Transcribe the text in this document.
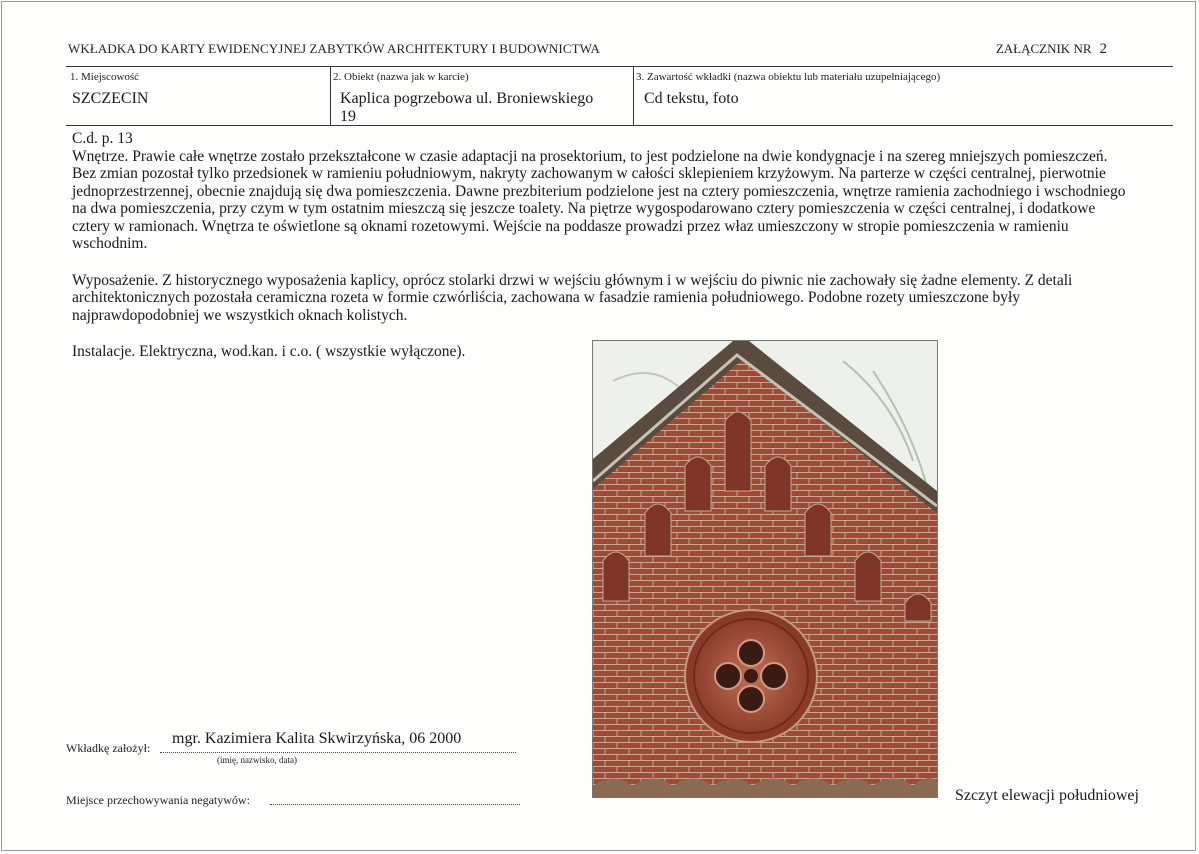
WKŁADKA DO KARTY EWIDENCYJNEJ ZABYTKÓW ARCHITEKTURY I BUDOWNICTWA	ZAŁĄCZNIK NR 2
1. Miejscowość
SZCZECIN
2. Obiekt (nazwa jak w karcie)
Kaplica pogrzebowa ul. Broniewskiego
19
3. Zawartość wkładki (nazwa obiektu lub materiału uzupełniającego)
Cd tekstu, foto

C.d. p. 13

Wnętrze. Prawie całe wnętrze zostało przekształcone w czasie adaptacji na prosektorium, to jest podzielone na dwie kondygnacje i na szereg mniejszych pomieszczeń. Bez zmian pozostał tylko przedsionek w ramieniu południowym, nakryty zachowanym w całości sklepieniem krzyżowym. Na parterze w części centralnej, pierwotnie jednoprzestrzennej, obecnie znajdują się dwa pomieszczenia. Dawne prezbiterium podzielone jest na cztery pomieszczenia, wnętrze ramienia zachodniego i wschodniego na dwa pomieszczenia, przy czym w tym ostatnim mieszczą się jeszcze toalety. Na piętrze wygospodarowano cztery pomieszczenia w części centralnej, i dodatkowe cztery w ramionach. Wnętrza te oświetlone są oknami rozetowymi. Wejście na poddasze prowadzi przez właz umieszczony w stropie pomieszczenia w ramieniu wschodnim.

Wyposażenie. Z historycznego wyposażenia kaplicy, oprócz stolarki drzwi w wejściu głównym i w wejściu do piwnic nie zachowały się żadne elementy. Z detali architektonicznych pozostała ceramiczna rozeta w formie czwórliścia, zachowana w fasadzie ramienia południowego. Podobne rozety umieszczone były najprawdopodobniej we wszystkich oknach kolistych.

Instalacje. Elektryczna, wod.kan. i c.o. ( wszystkie wyłączone).

Szczyt elewacji południowej
Wkładkę założył:
mgr. Kazimiera Kalita Skwirzyńska, 06 2000
(imię, nazwisko, data)
Miejsce przechowywania negatywów:
